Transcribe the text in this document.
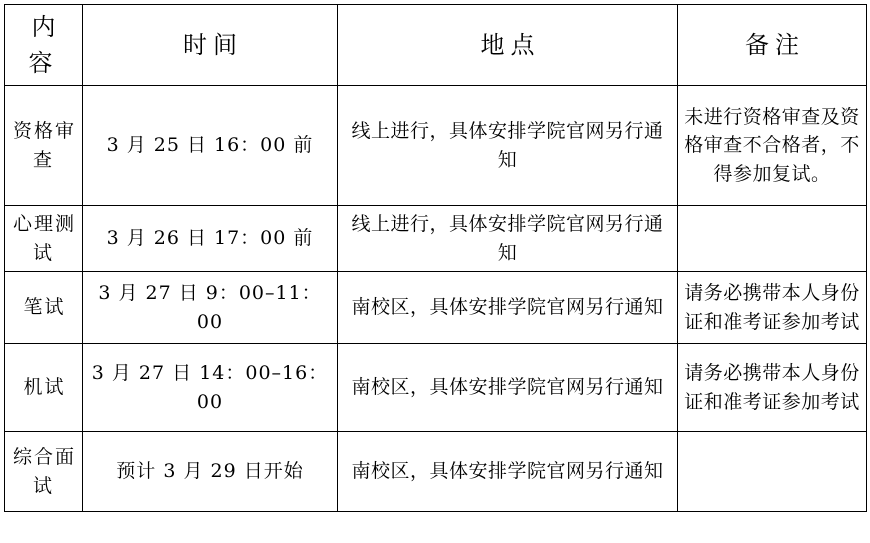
内容	时间	地点	备注
资格审查	3 月 25 日 16：00 前	线上进行，具体安排学院官网另行通知	未进行资格审查及资格审查不合格者，不得参加复试。
心理测试	3 月 26 日 17：00 前	线上进行，具体安排学院官网另行通知	
笔试	3 月 27 日 9：00–11：00	南校区，具体安排学院官网另行通知	请务必携带本人身份证和准考证参加考试
机试	3 月 27 日 14：00–16：00	南校区，具体安排学院官网另行通知	请务必携带本人身份证和准考证参加考试
综合面试	预计 3 月 29 日开始	南校区，具体安排学院官网另行通知	
